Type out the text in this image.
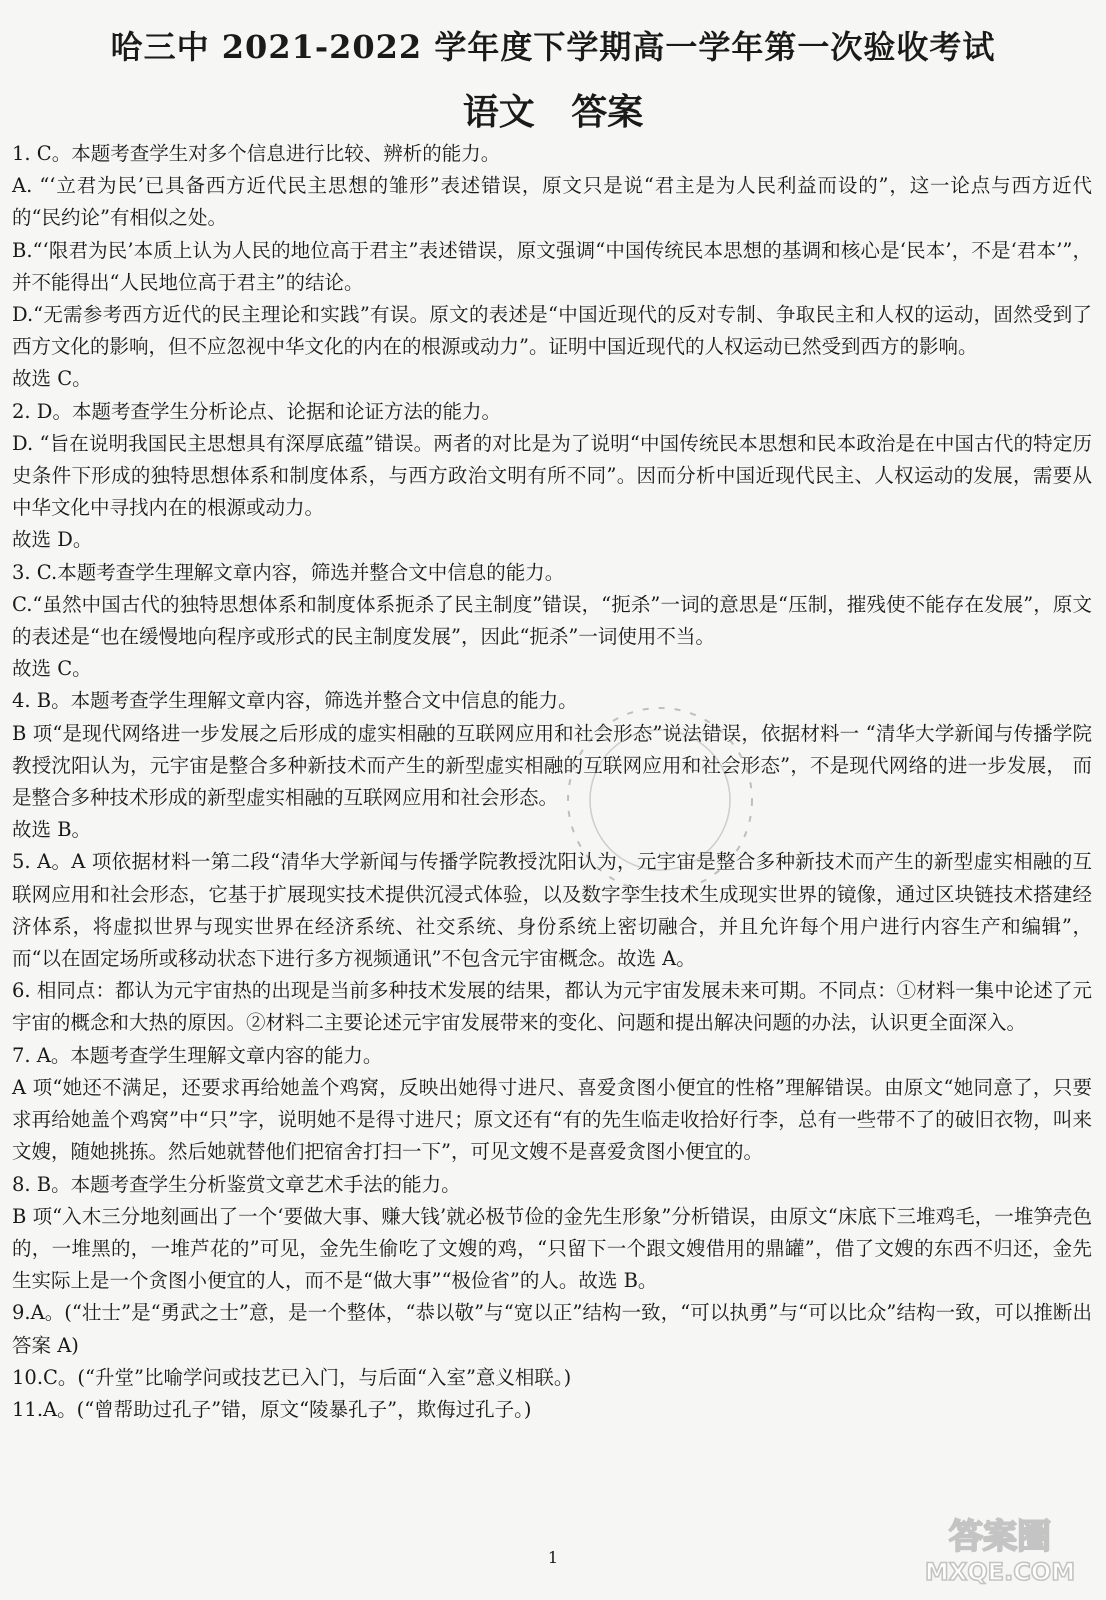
哈三中 2021-2022 学年度下学期高一学年第一次验收考试
语文 答案

1. C。本题考查学生对多个信息进行比较、辨析的能力。

A. “‘立君为民’已具备西方近代民主思想的雏形”表述错误，原文只是说“君主是为人民利益而设的”，这一论点与西方近代的“民约论”有相似之处。

B.“‘限君为民’本质上认为人民的地位高于君主”表述错误，原文强调“中国传统民本思想的基调和核心是‘民本’，不是‘君本’”，并不能得出“人民地位高于君主”的结论。

D.“无需参考西方近代的民主理论和实践”有误。原文的表述是“中国近现代的反对专制、争取民主和人权的运动，固然受到了西方文化的影响，但不应忽视中华文化的内在的根源或动力”。证明中国近现代的人权运动已然受到西方的影响。

故选 C。

2. D。本题考查学生分析论点、论据和论证方法的能力。

D. “旨在说明我国民主思想具有深厚底蕴”错误。两者的对比是为了说明“中国传统民本思想和民本政治是在中国古代的特定历史条件下形成的独特思想体系和制度体系，与西方政治文明有所不同”。因而分析中国近现代民主、人权运动的发展，需要从中华文化中寻找内在的根源或动力。

故选 D。

3. C.本题考查学生理解文章内容，筛选并整合文中信息的能力。

C.“虽然中国古代的独特思想体系和制度体系扼杀了民主制度”错误，“扼杀”一词的意思是“压制，摧残使不能存在发展”，原文的表述是“也在缓慢地向程序或形式的民主制度发展”，因此“扼杀”一词使用不当。

故选 C。

4. B。本题考查学生理解文章内容，筛选并整合文中信息的能力。

B 项“是现代网络进一步发展之后形成的虚实相融的互联网应用和社会形态”说法错误，依据材料一 “清华大学新闻与传播学院教授沈阳认为，元宇宙是整合多种新技术而产生的新型虚实相融的互联网应用和社会形态”，不是现代网络的进一步发展， 而是整合多种技术形成的新型虚实相融的互联网应用和社会形态。

故选 B。

5. A。A 项依据材料一第二段“清华大学新闻与传播学院教授沈阳认为，元宇宙是整合多种新技术而产生的新型虚实相融的互联网应用和社会形态，它基于扩展现实技术提供沉浸式体验，以及数字孪生技术生成现实世界的镜像，通过区块链技术搭建经济体系，将虚拟世界与现实世界在经济系统、社交系统、身份系统上密切融合，并且允许每个用户进行内容生产和编辑”，而“以在固定场所或移动状态下进行多方视频通讯”不包含元宇宙概念。故选 A。

6. 相同点：都认为元宇宙热的出现是当前多种技术发展的结果，都认为元宇宙发展未来可期。不同点：①材料一集中论述了元宇宙的概念和大热的原因。②材料二主要论述元宇宙发展带来的变化、问题和提出解决问题的办法，认识更全面深入。

7. A。本题考查学生理解文章内容的能力。

A 项“她还不满足，还要求再给她盖个鸡窝，反映出她得寸进尺、喜爱贪图小便宜的性格”理解错误。由原文“她同意了，只要求再给她盖个鸡窝”中“只”字，说明她不是得寸进尺；原文还有“有的先生临走收拾好行李，总有一些带不了的破旧衣物，叫来文嫂，随她挑拣。然后她就替他们把宿舍打扫一下”，可见文嫂不是喜爱贪图小便宜的。

8. B。本题考查学生分析鉴赏文章艺术手法的能力。

B 项“入木三分地刻画出了一个‘要做大事、赚大钱’就必极节俭的金先生形象”分析错误，由原文“床底下三堆鸡毛，一堆笋壳色的，一堆黑的，一堆芦花的”可见，金先生偷吃了文嫂的鸡，“只留下一个跟文嫂借用的鼎罐”，借了文嫂的东西不归还，金先生实际上是一个贪图小便宜的人，而不是“做大事”“极俭省”的人。故选 B。

9.A。(“壮士”是“勇武之士”意，是一个整体，“恭以敬”与“宽以正”结构一致，“可以执勇”与“可以比众”结构一致，可以推断出答案 A)

10.C。(“升堂”比喻学问或技艺已入门，与后面“入室”意义相联。)

11.A。(“曾帮助过孔子”错，原文“陵暴孔子”，欺侮过孔子。)

1
答案圈
MXQE.COM
